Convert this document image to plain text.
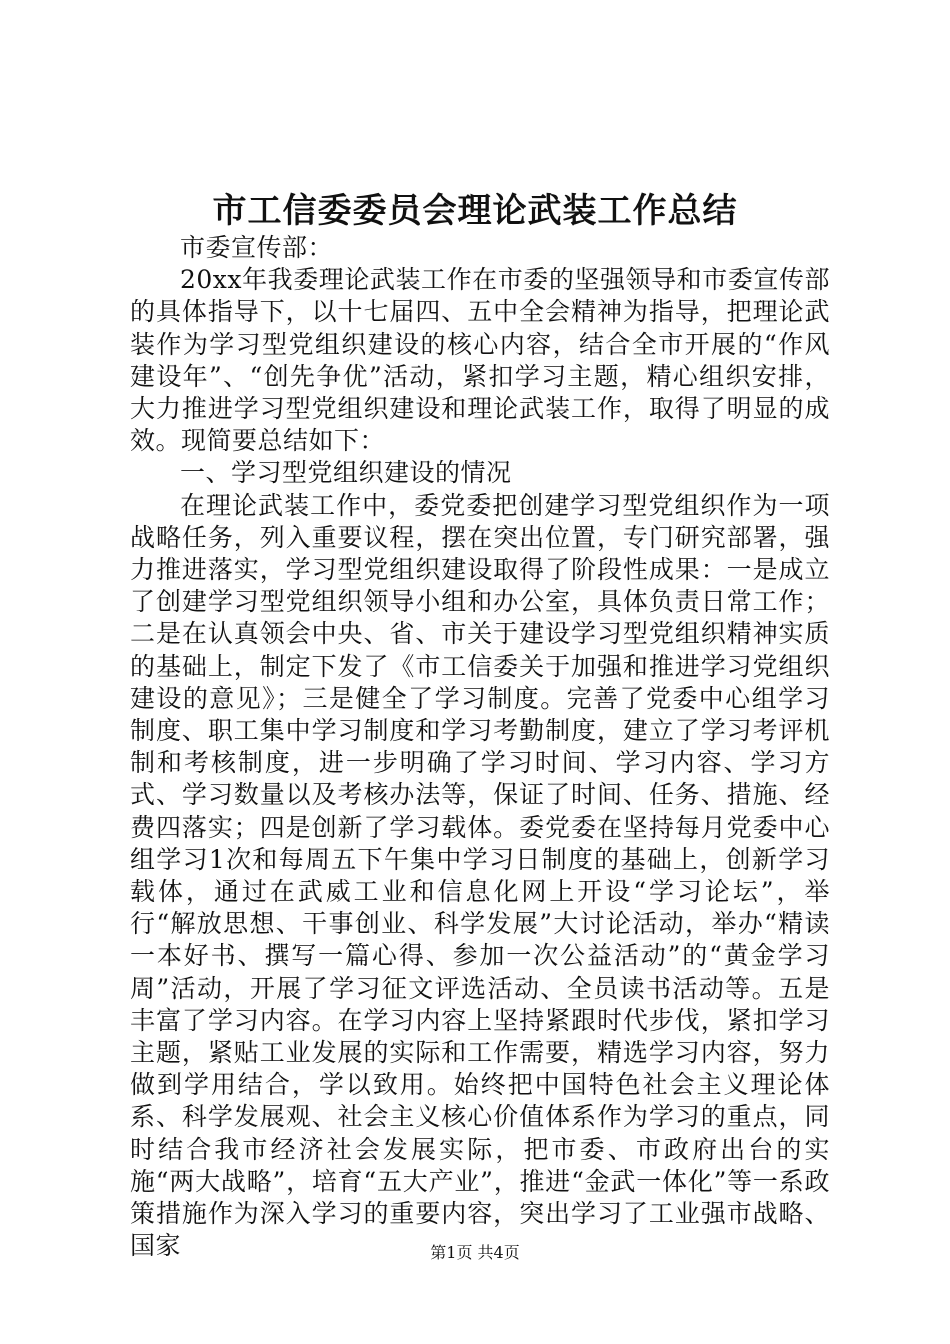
市工信委委员会理论武装工作总结

市委宣传部：

20xx年我委理论武装工作在市委的坚强领导和市委宣传部的具体指导下，以十七届四、五中全会精神为指导，把理论武装作为学习型党组织建设的核心内容，结合全市开展的“作风建设年”、“创先争优”活动，紧扣学习主题，精心组织安排，大力推进学习型党组织建设和理论武装工作，取得了明显的成效。现简要总结如下：

一、学习型党组织建设的情况

在理论武装工作中，委党委把创建学习型党组织作为一项战略任务，列入重要议程，摆在突出位置，专门研究部署，强力推进落实，学习型党组织建设取得了阶段性成果：一是成立了创建学习型党组织领导小组和办公室，具体负责日常工作；二是在认真领会中央、省、市关于建设学习型党组织精神实质的基础上，制定下发了《市工信委关于加强和推进学习党组织建设的意见》；三是健全了学习制度。完善了党委中心组学习制度、职工集中学习制度和学习考勤制度，建立了学习考评机制和考核制度，进一步明确了学习时间、学习内容、学习方式、学习数量以及考核办法等，保证了时间、任务、措施、经费四落实；四是创新了学习载体。委党委在坚持每月党委中心组学习1次和每周五下午集中学习日制度的基础上，创新学习载体，通过在武威工业和信息化网上开设“学习论坛”，举行“解放思想、干事创业、科学发展”大讨论活动，举办“精读一本好书、撰写一篇心得、参加一次公益活动”的“黄金学习周”活动，开展了学习征文评选活动、全员读书活动等。五是丰富了学习内容。在学习内容上坚持紧跟时代步伐，紧扣学习主题，紧贴工业发展的实际和工作需要，精选学习内容，努力做到学用结合，学以致用。始终把中国特色社会主义理论体系、科学发展观、社会主义核心价值体系作为学习的重点，同时结合我市经济社会发展实际，把市委、市政府出台的实施“两大战略”，培育“五大产业”，推进“金武一体化”等一系政策措施作为深入学习的重要内容，突出学习了工业强市战略、国家	第1页 共4页
